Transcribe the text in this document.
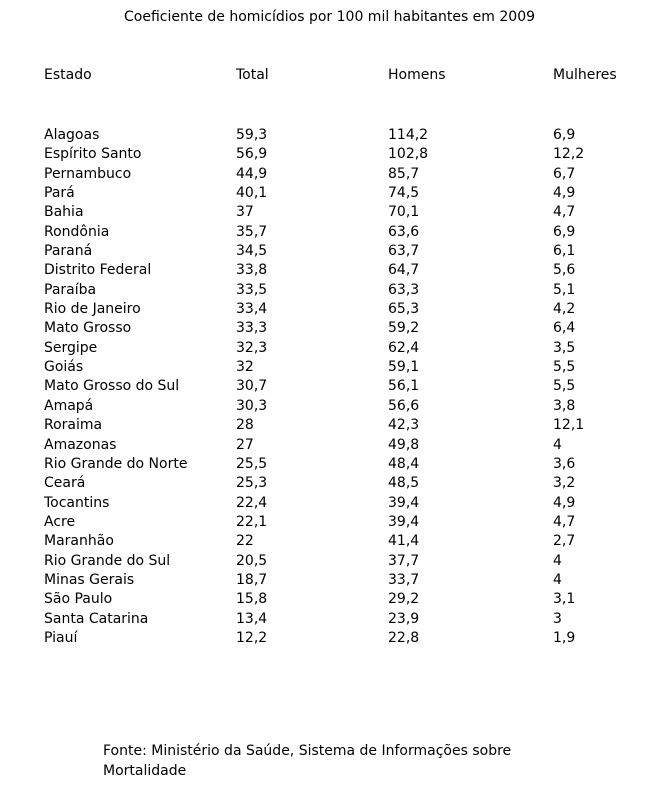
Coeficiente de homicídios por 100 mil habitantes em 2009
Estado	Total	Homens	Mulheres
Alagoas	59,3	114,2	6,9
Espírito Santo	56,9	102,8	12,2
Pernambuco	44,9	85,7	6,7
Pará	40,1	74,5	4,9
Bahia	37	70,1	4,7
Rondônia	35,7	63,6	6,9
Paraná	34,5	63,7	6,1
Distrito Federal	33,8	64,7	5,6
Paraíba	33,5	63,3	5,1
Rio de Janeiro	33,4	65,3	4,2
Mato Grosso	33,3	59,2	6,4
Sergipe	32,3	62,4	3,5
Goiás	32	59,1	5,5
Mato Grosso do Sul	30,7	56,1	5,5
Amapá	30,3	56,6	3,8
Roraima	28	42,3	12,1
Amazonas	27	49,8	4
Rio Grande do Norte	25,5	48,4	3,6
Ceará	25,3	48,5	3,2
Tocantins	22,4	39,4	4,9
Acre	22,1	39,4	4,7
Maranhão	22	41,4	2,7
Rio Grande do Sul	20,5	37,7	4
Minas Gerais	18,7	33,7	4
São Paulo	15,8	29,2	3,1
Santa Catarina	13,4	23,9	3
Piauí	12,2	22,8	1,9
Fonte: Ministério da Saúde, Sistema de Informações sobre Mortalidade
